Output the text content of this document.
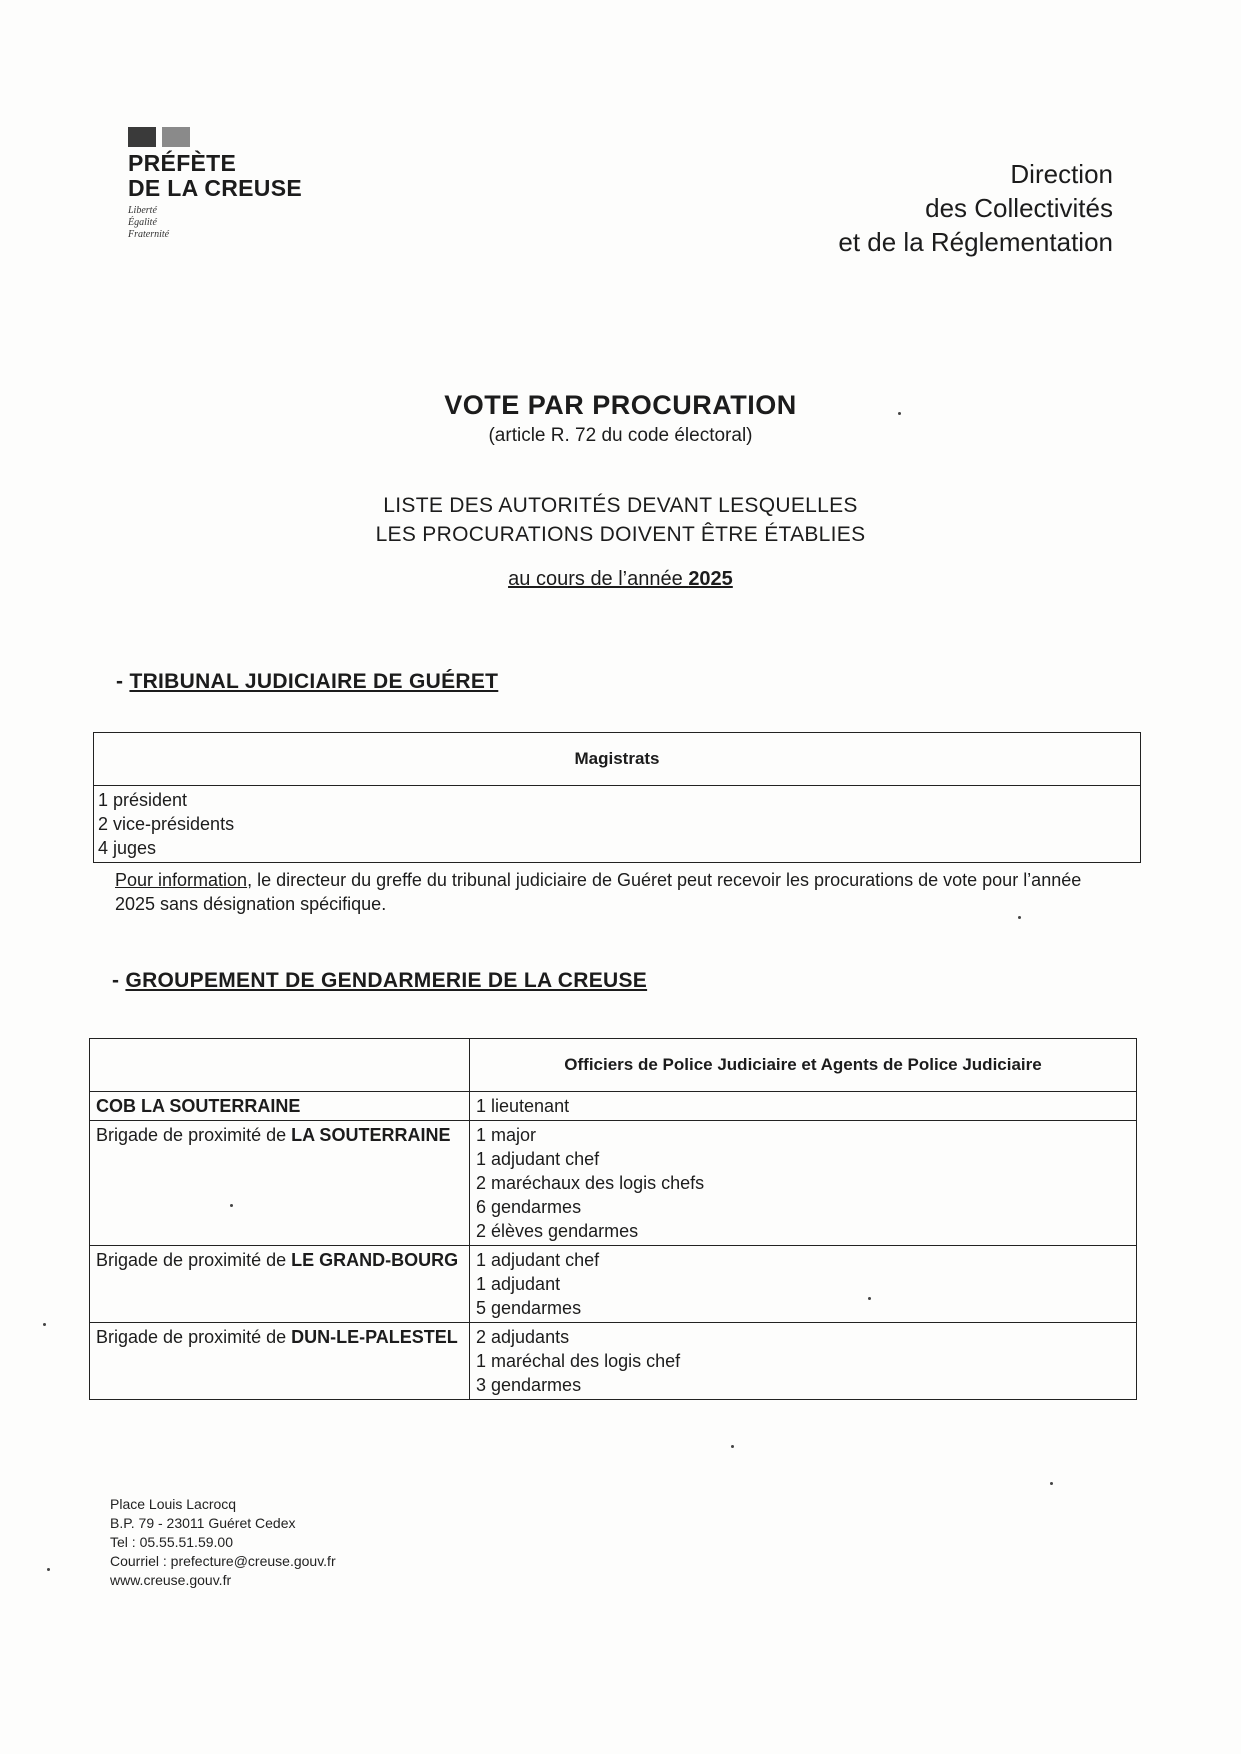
PRÉFÈTE
DE LA CREUSE
Liberté
Égalité
Fraternité
Direction
des Collectivités
et de la Réglementation
VOTE PAR PROCURATION
(article R. 72 du code électoral)
LISTE DES AUTORITÉS DEVANT LESQUELLES
LES PROCURATIONS DOIVENT ÊTRE ÉTABLIES
au cours de l’année 2025
- TRIBUNAL JUDICIAIRE DE GUÉRET
Magistrats

1 président
2 vice-présidents
4 juges
Pour information, le directeur du greffe du tribunal judiciaire de Guéret peut recevoir les procurations de vote pour l’année 2025 sans désignation spécifique.
- GROUPEMENT DE GENDARMERIE DE LA CREUSE
	Officiers de Police Judiciaire et Agents de Police Judiciaire
COB LA SOUTERRAINE	1 lieutenant

Brigade de proximité de LA SOUTERRAINE	1 major
1 adjudant chef
2 maréchaux des logis chefs
6 gendarmes
2 élèves gendarmes

Brigade de proximité de LE GRAND-BOURG	1 adjudant chef
1 adjudant
5 gendarmes

Brigade de proximité de DUN-LE-PALESTEL	2 adjudants
1 maréchal des logis chef
3 gendarmes
Place Louis Lacrocq
B.P. 79 - 23011 Guéret Cedex
Tel : 05.55.51.59.00
Courriel : prefecture@creuse.gouv.fr
www.creuse.gouv.fr
